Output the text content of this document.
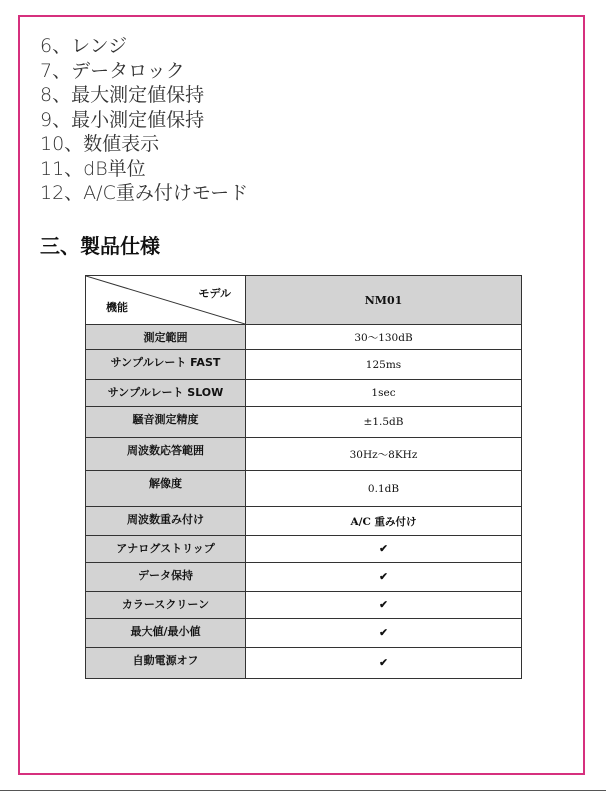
6、レンジ
7、データロック
8、最大測定値保持
9、最小測定値保持
10、数値表示
11、dB単位
12、A/C重み付けモード
三、製品仕様
モデル
機能	NM01
測定範囲	30～130dB
サンプルレート FAST	125ms
サンプルレート SLOW	1sec
騒音測定精度	±1.5dB
周波数応答範囲	30Hz～8KHz
解像度	0.1dB
周波数重み付け	A/C 重み付け
アナログストリップ	✔
データ保持	✔
カラースクリーン	✔
最大値/最小値	✔
自動電源オフ	✔
